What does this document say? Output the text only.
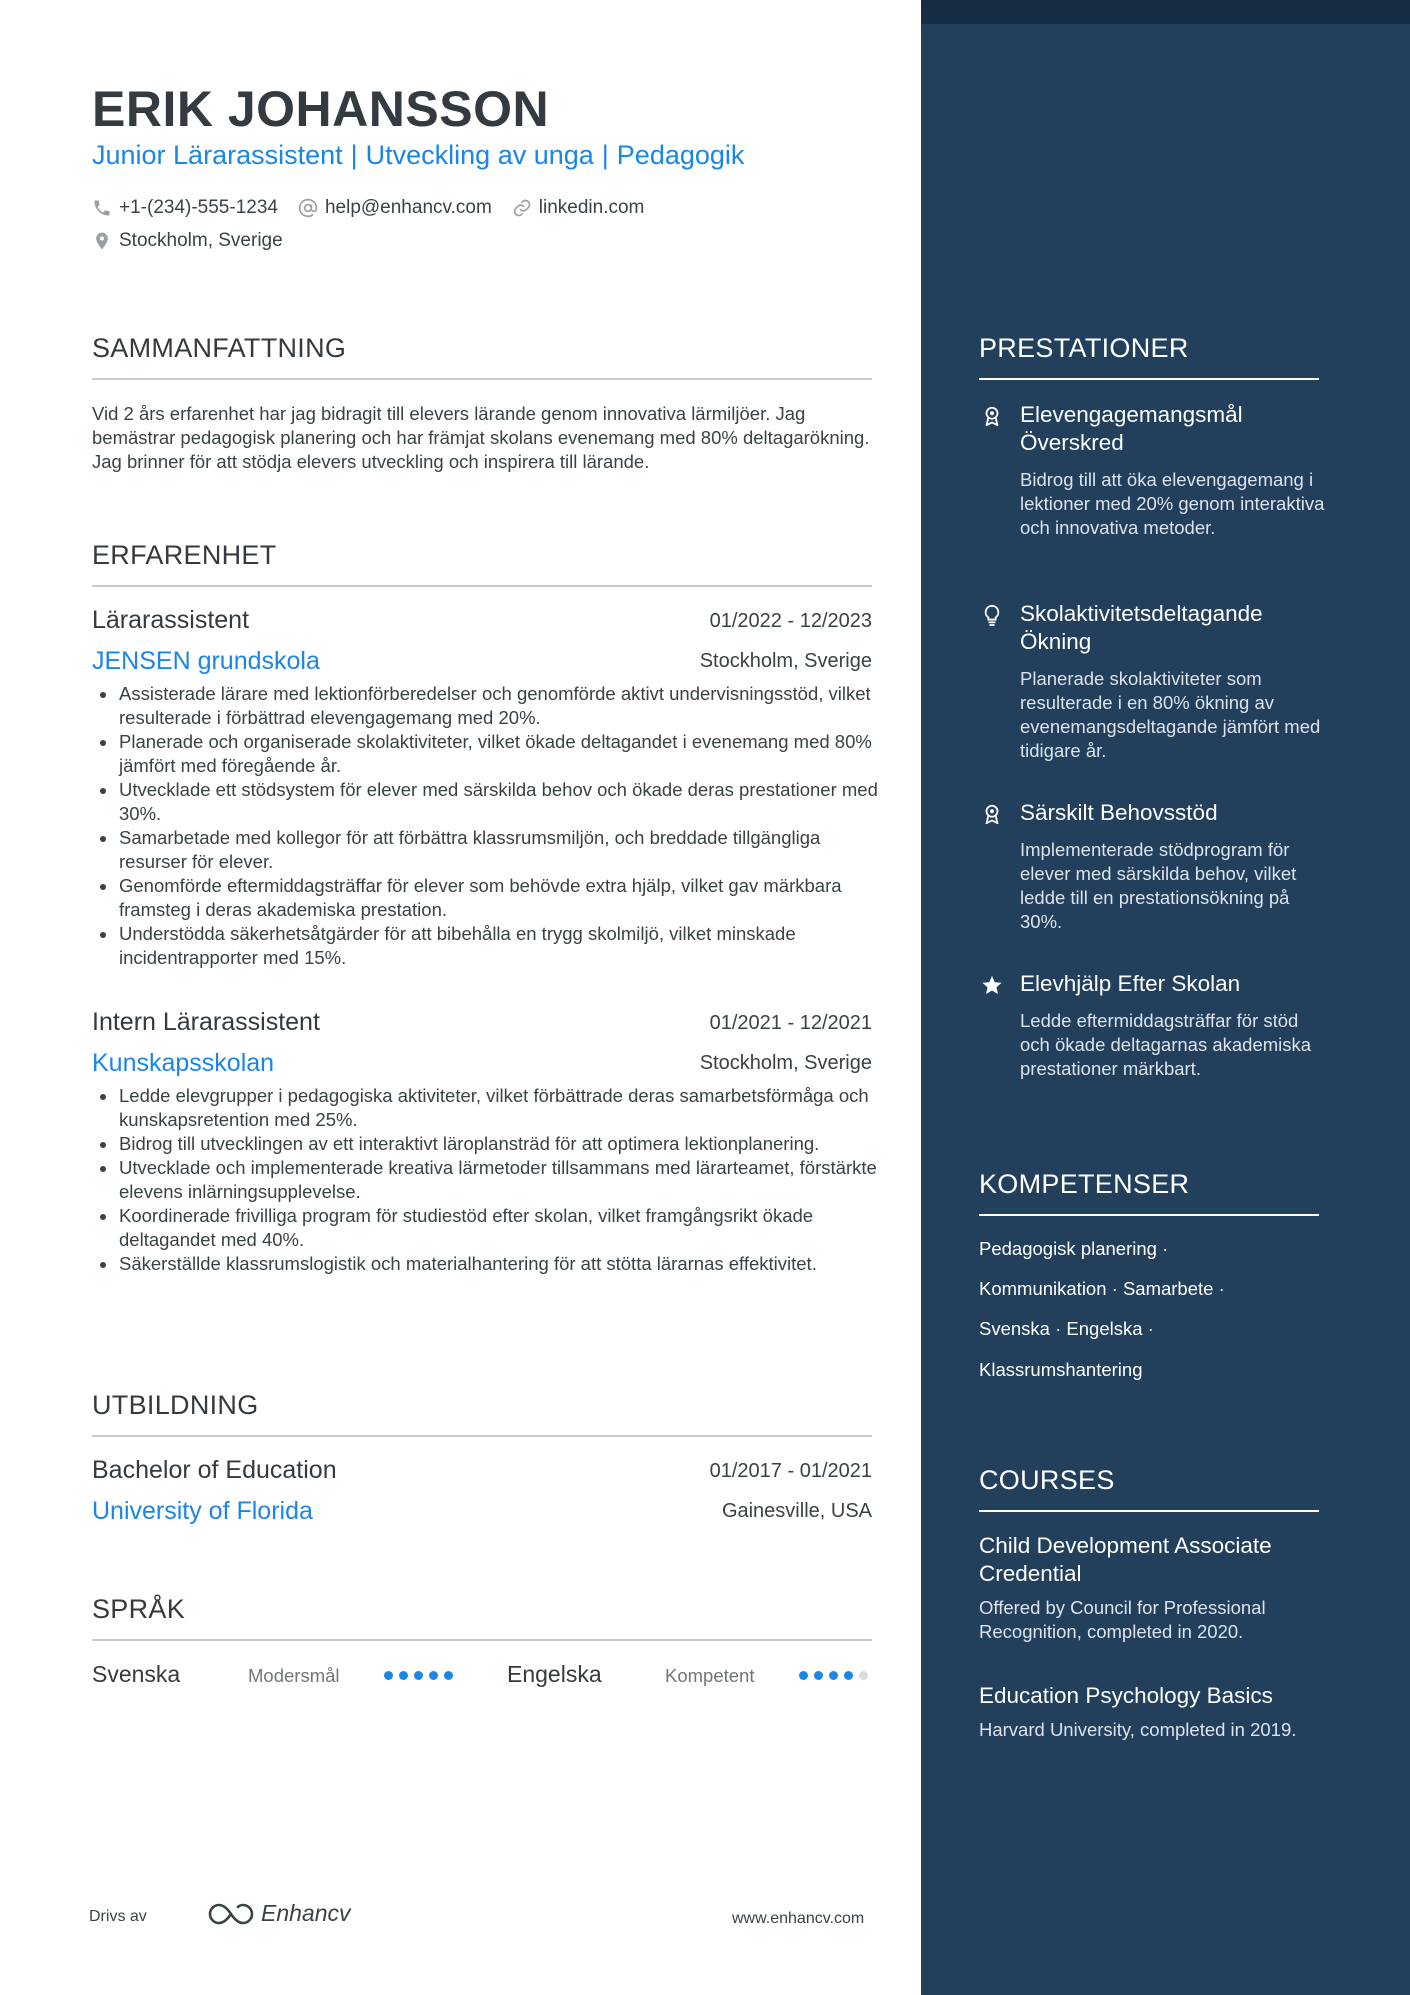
ERIK JOHANSSON
Junior Lärarassistent | Utveckling av unga | Pedagogik
+1-(234)-555-1234 help@enhancv.com linkedin.com
Stockholm, Sverige
SAMMANFATTNING
Vid 2 års erfarenhet har jag bidragit till elevers lärande genom innovativa lärmiljöer. Jag bemästrar pedagogisk planering och har främjat skolans evenemang med 80% deltagarökning. Jag brinner för att stödja elevers utveckling och inspirera till lärande.
ERFARENHET
Lärarassistent	01/2022 - 12/2023
JENSEN grundskola	Stockholm, Sverige
Assisterade lärare med lektionförberedelser och genomförde aktivt undervisningsstöd, vilket resulterade i förbättrad elevengagemang med 20%.
Planerade och organiserade skolaktiviteter, vilket ökade deltagandet i evenemang med 80% jämfört med föregående år.
Utvecklade ett stödsystem för elever med särskilda behov och ökade deras prestationer med 30%.
Samarbetade med kollegor för att förbättra klassrumsmiljön, och breddade tillgängliga resurser för elever.
Genomförde eftermiddagsträffar för elever som behövde extra hjälp, vilket gav märkbara framsteg i deras akademiska prestation.
Understödda säkerhetsåtgärder för att bibehålla en trygg skolmiljö, vilket minskade incidentrapporter med 15%.
Intern Lärarassistent	01/2021 - 12/2021
Kunskapsskolan	Stockholm, Sverige
Ledde elevgrupper i pedagogiska aktiviteter, vilket förbättrade deras samarbetsförmåga och kunskapsretention med 25%.
Bidrog till utvecklingen av ett interaktivt läroplansträd för att optimera lektionplanering.
Utvecklade och implementerade kreativa lärmetoder tillsammans med lärarteamet, förstärkte elevens inlärningsupplevelse.
Koordinerade frivilliga program för studiestöd efter skolan, vilket framgångsrikt ökade deltagandet med 40%.
Säkerställde klassrumslogistik och materialhantering för att stötta lärarnas effektivitet.
UTBILDNING
Bachelor of Education	01/2017 - 01/2021
University of Florida	Gainesville, USA
SPRÅK
Svenska	Modersmål	Engelska	Kompetent
Drivs av	Enhancv	www.enhancv.com
PRESTATIONER
Elevengagemangsmål Överskred
Bidrog till att öka elevengagemang i lektioner med 20% genom interaktiva och innovativa metoder.
Skolaktivitetsdeltagande Ökning
Planerade skolaktiviteter som resulterade i en 80% ökning av evenemangsdeltagande jämfört med tidigare år.
Särskilt Behovsstöd
Implementerade stödprogram för elever med särskilda behov, vilket ledde till en prestationsökning på 30%.
Elevhjälp Efter Skolan
Ledde eftermiddagsträffar för stöd och ökade deltagarnas akademiska prestationer märkbart.
KOMPETENSER
Pedagogisk planering ·
Kommunikation · Samarbete ·
Svenska · Engelska ·
Klassrumshantering
COURSES
Child Development Associate Credential
Offered by Council for Professional Recognition, completed in 2020.
Education Psychology Basics
Harvard University, completed in 2019.
